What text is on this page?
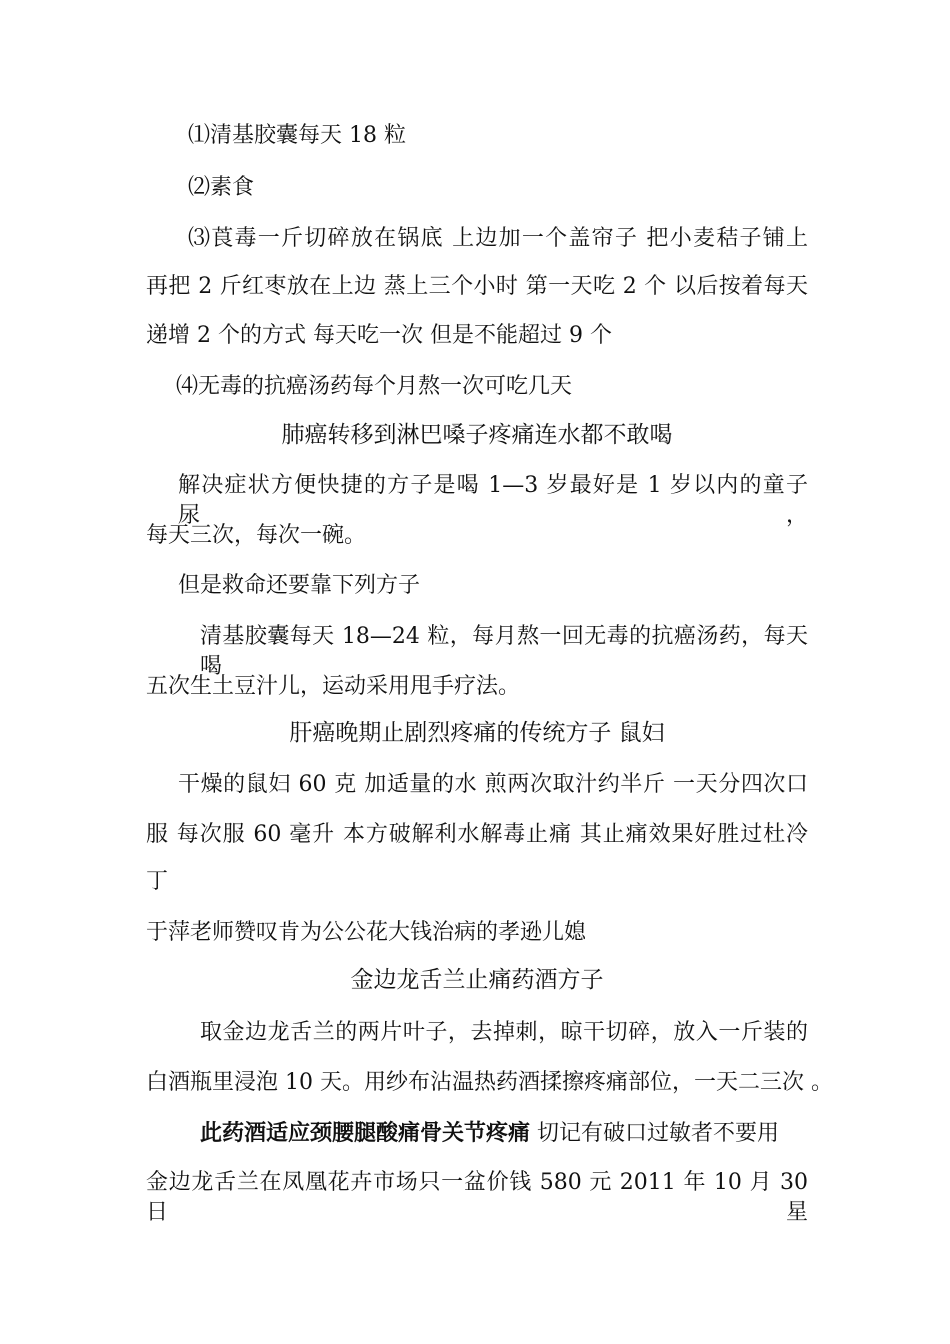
⑴清基胶囊每天 18 粒
⑵素食
⑶莨毒一斤切碎放在锅底 上边加一个盖帘子 把小麦秸子铺上
再把 2 斤红枣放在上边 蒸上三个小时 第一天吃 2 个 以后按着每天
递增 2 个的方式 每天吃一次 但是不能超过 9 个
⑷无毒的抗癌汤药每个月熬一次可吃几天
肺癌转移到淋巴嗓子疼痛连水都不敢喝
解决症状方便快捷的方子是喝 1—3 岁最好是 1 岁以内的童子尿，
每天三次，每次一碗。
但是救命还要靠下列方子
清基胶囊每天 18—24 粒，每月熬一回无毒的抗癌汤药，每天喝
五次生土豆汁儿，运动采用甩手疗法。
肝癌晚期止剧烈疼痛的传统方子 鼠妇
干燥的鼠妇 60 克 加适量的水 煎两次取汁约半斤 一天分四次口
服 每次服 60 毫升 本方破解利水解毒止痛 其止痛效果好胜过杜冷
丁
于萍老师赞叹肯为公公花大钱治病的孝逊儿媳
金边龙舌兰止痛药酒方子
取金边龙舌兰的两片叶子，去掉刺，晾干切碎，放入一斤装的
白酒瓶里浸泡 10 天。用纱布沾温热药酒揉擦疼痛部位，一天二三次 。
此药酒适应颈腰腿酸痛骨关节疼痛 切记有破口过敏者不要用
金边龙舌兰在凤凰花卉市场只一盆价钱 580 元 2011 年 10 月 30 日 星
